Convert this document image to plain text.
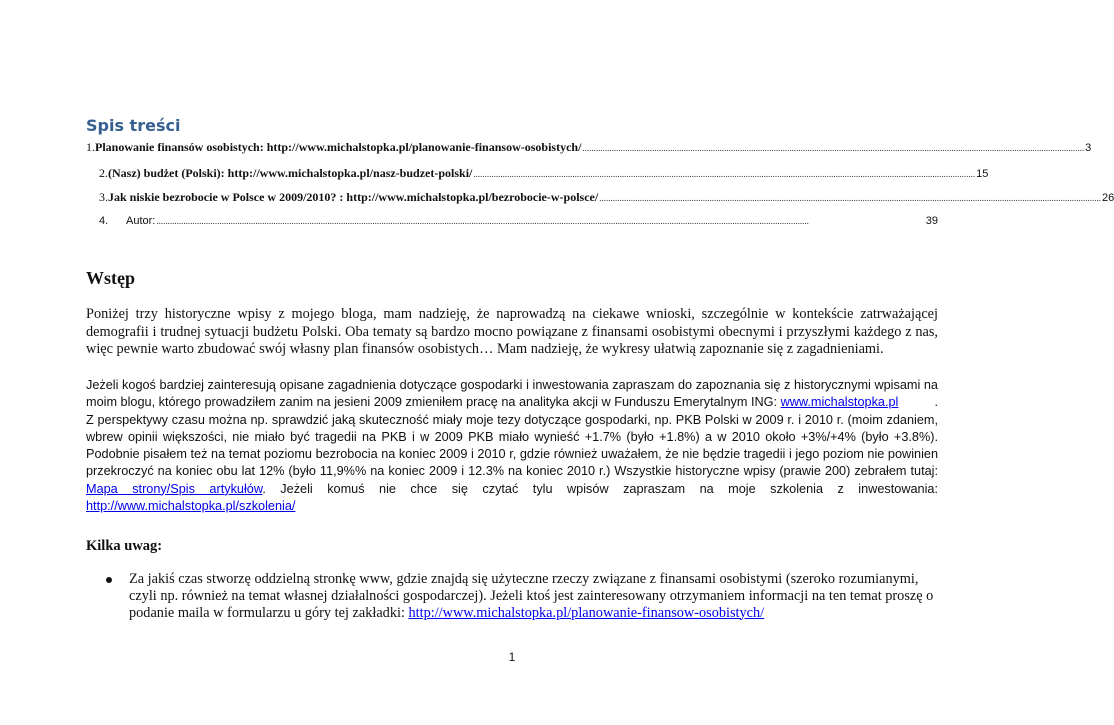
Spis treści
1. Planowanie finansów osobistych: http://www.michalstopka.pl/planowanie-finansow-osobistych/ ............................................................................................................................................................................................................................... 3
2. (Nasz) budżet (Polski): http://www.michalstopka.pl/nasz-budzet-polski/ ............................................................................................................................................................................................................................... 15
3. Jak niskie bezrobocie w Polsce w 2009/2010? : http://www.michalstopka.pl/bezrobocie-w-polsce/ ............................................................................................................................................................................................................................... 26
4.	Autor: ..................................................................................................................................................................................................................................................................................................	39
Wstęp
Poniżej trzy historyczne wpisy z mojego bloga, mam nadzieję, że naprowadzą na ciekawe wnioski, szczególnie w kontekście zatrważającej demografii i trudnej sytuacji budżetu Polski. Oba tematy są bardzo mocno powiązane z finansami osobistymi obecnymi i przyszłymi każdego z nas, więc pewnie warto zbudować swój własny plan finansów osobistych… Mam nadzieję, że wykresy ułatwią zapoznanie się z zagadnieniami.
Jeżeli kogoś bardziej zainteresują opisane zagadnienia dotyczące gospodarki i inwestowania zapraszam do zapoznania się z historycznymi wpisami na moim blogu, którego prowadziłem zanim na jesieni 2009 zmieniłem pracę na analityka akcji w Funduszu Emerytalnym ING: www.michalstopka.pl	.

Z perspektywy czasu można np. sprawdzić jaką skuteczność miały moje tezy dotyczące gospodarki, np. PKB Polski w 2009 r. i 2010 r. (moim zdaniem, wbrew opinii większości, nie miało być tragedii na PKB i w 2009 PKB miało wynieść +1.7% (było +1.8%) a w 2010 około +3%/+4% (było +3.8%). Podobnie pisałem też na temat poziomu bezrobocia na koniec 2009 i 2010 r, gdzie również uważałem, że nie będzie tragedii i jego poziom nie powinien przekroczyć na koniec obu lat 12% (było 11,9%% na koniec 2009 i 12.3% na koniec 2010 r.) Wszystkie historyczne wpisy (prawie 200) zebrałem tutaj: Mapa strony/Spis artykułów. Jeżeli komuś nie chce się czytać tylu wpisów zapraszam na moje szkolenia z inwestowania: http://www.michalstopka.pl/szkolenia/
Kilka uwag:
Za jakiś czas stworzę oddzielną stronkę www, gdzie znajdą się użyteczne rzeczy związane z finansami osobistymi (szeroko rozumianymi, czyli np. również na temat własnej działalności gospodarczej). Jeżeli ktoś jest zainteresowany otrzymaniem informacji na ten temat proszę o podanie maila w formularzu u góry tej zakładki: http://www.michalstopka.pl/planowanie-finansow-osobistych/
1
